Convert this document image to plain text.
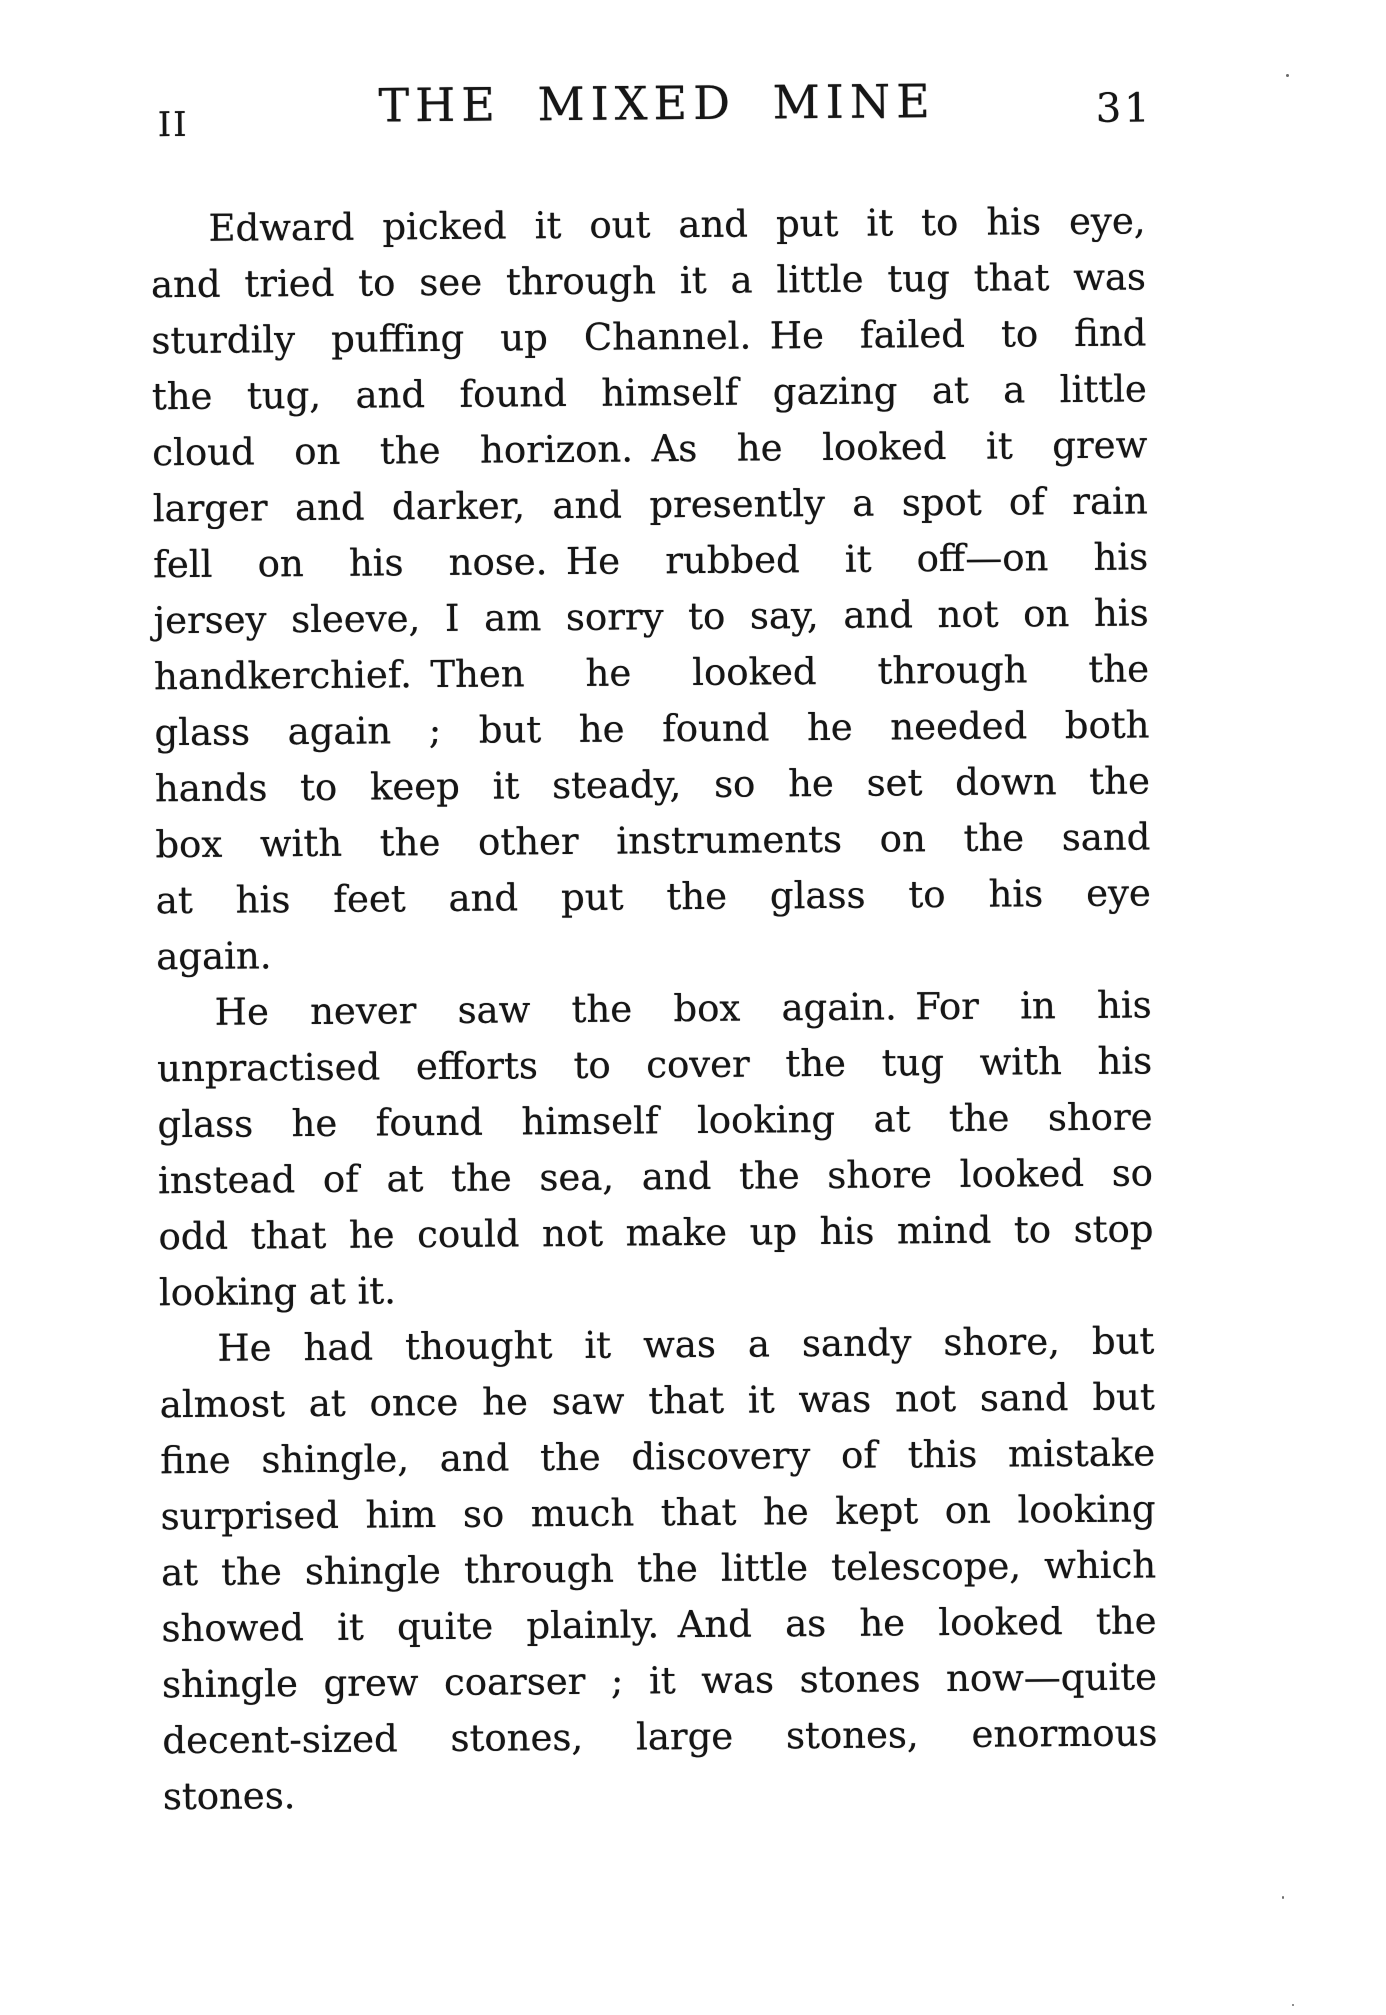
II	THE MIXED MINE	31
Edward picked it out and put it to his eye,
and tried to see through it a little tug that was
sturdily puffing up Channel. He failed to find
the tug, and found himself gazing at a little
cloud on the horizon. As he looked it grew
larger and darker, and presently a spot of rain
fell on his nose. He rubbed it off—on his
jersey sleeve, I am sorry to say, and not on his
handkerchief. Then he looked through the
glass again ; but he found he needed both
hands to keep it steady, so he set down the
box with the other instruments on the sand
at his feet and put the glass to his eye
again.
He never saw the box again. For in his
unpractised efforts to cover the tug with his
glass he found himself looking at the shore
instead of at the sea, and the shore looked so
odd that he could not make up his mind to stop
looking at it.
He had thought it was a sandy shore, but
almost at once he saw that it was not sand but
fine shingle, and the discovery of this mistake
surprised him so much that he kept on looking
at the shingle through the little telescope, which
showed it quite plainly. And as he looked the
shingle grew coarser ; it was stones now—quite
decent-sized stones, large stones, enormous
stones.
